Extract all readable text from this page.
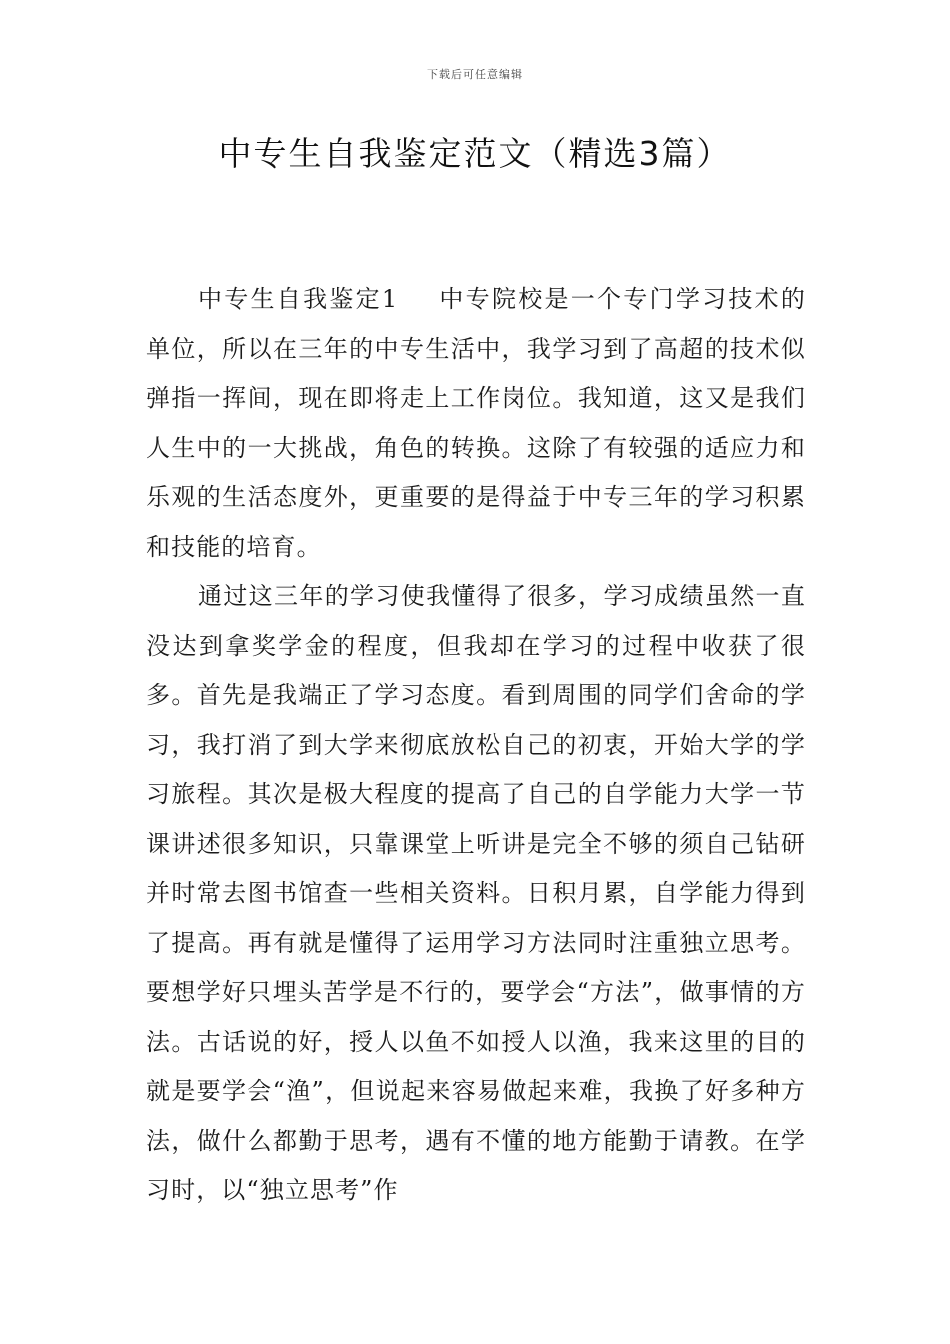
下载后可任意编辑
中专生自我鉴定范文（精选3篇）

中专生自我鉴定1 中专院校是一个专门学习技术的单位，所以在三年的中专生活中，我学习到了高超的技术似弹指一挥间，现在即将走上工作岗位。我知道，这又是我们人生中的一大挑战，角色的转换。这除了有较强的适应力和乐观的生活态度外，更重要的是得益于中专三年的学习积累和技能的培育。

通过这三年的学习使我懂得了很多，学习成绩虽然一直没达到拿奖学金的程度，但我却在学习的过程中收获了很多。首先是我端正了学习态度。看到周围的同学们舍命的学习，我打消了到大学来彻底放松自己的初衷，开始大学的学习旅程。其次是极大程度的提高了自己的自学能力大学一节课讲述很多知识，只靠课堂上听讲是完全不够的须自己钻研并时常去图书馆查一些相关资料。日积月累，自学能力得到了提高。再有就是懂得了运用学习方法同时注重独立思考。要想学好只埋头苦学是不行的，要学会“方法”，做事情的方法。古话说的好，授人以鱼不如授人以渔，我来这里的目的就是要学会“渔”，但说起来容易做起来难，我换了好多种方法，做什么都勤于思考，遇有不懂的地方能勤于请教。在学习时，以“独立思考”作
